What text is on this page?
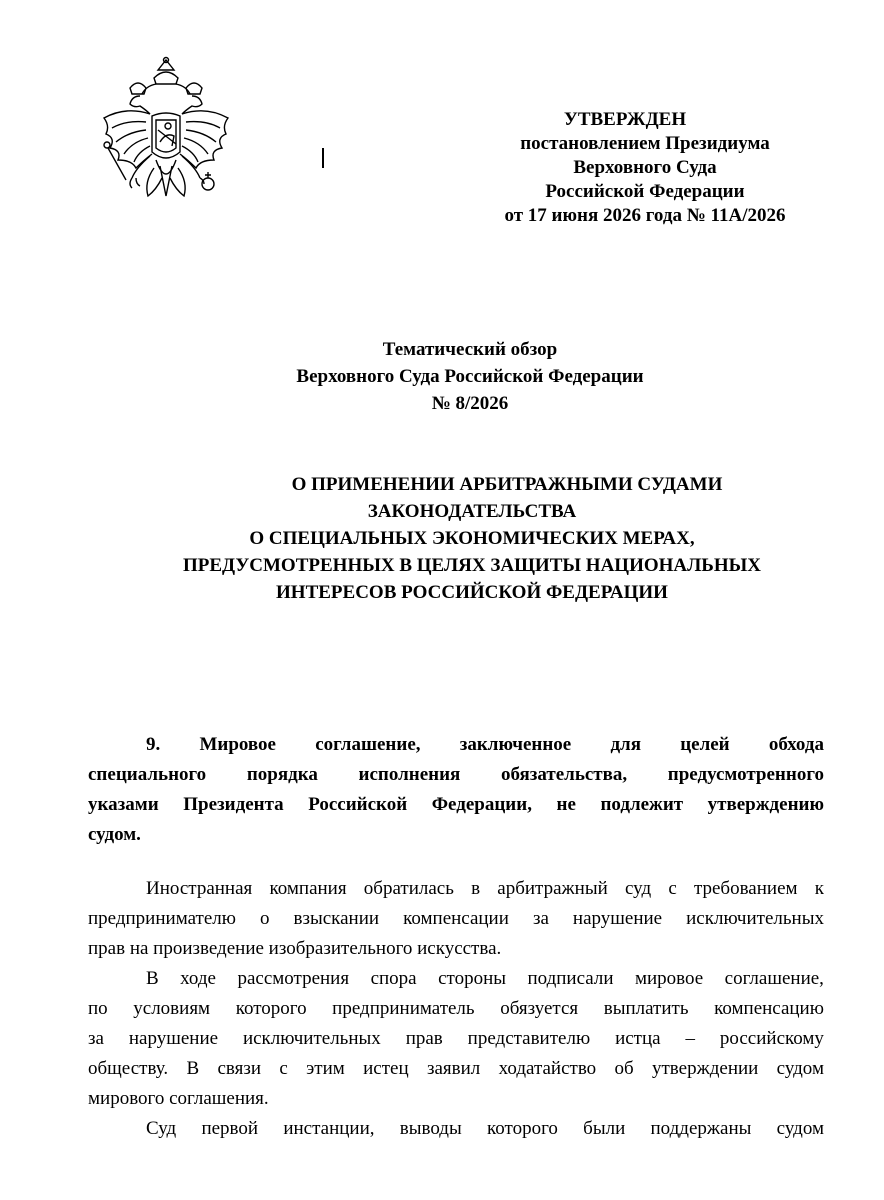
УТВЕРЖДЕН
постановлением Президиума
Верховного Суда
Российской Федерации
от 17 июня 2026 года № 11А/2026
Тематический обзор
Верховного Суда Российской Федерации
№ 8/2026
О ПРИМЕНЕНИИ АРБИТРАЖНЫМИ СУДАМИ
ЗАКОНОДАТЕЛЬСТВА
О СПЕЦИАЛЬНЫХ ЭКОНОМИЧЕСКИХ МЕРАХ,
ПРЕДУСМОТРЕННЫХ В ЦЕЛЯХ ЗАЩИТЫ НАЦИОНАЛЬНЫХ
ИНТЕРЕСОВ РОССИЙСКОЙ ФЕДЕРАЦИИ
9. Мировое соглашение, заключенное для целей обхода
специального порядка исполнения обязательства, предусмотренного
указами Президента Российской Федерации, не подлежит утверждению
судом.
Иностранная компания обратилась в арбитражный суд с требованием к
предпринимателю о взыскании компенсации за нарушение исключительных
прав на произведение изобразительного искусства.
В ходе рассмотрения спора стороны подписали мировое соглашение,
по условиям которого предприниматель обязуется выплатить компенсацию
за нарушение исключительных прав представителю истца – российскому
обществу. В связи с этим истец заявил ходатайство об утверждении судом
мирового соглашения.
Суд первой инстанции, выводы которого были поддержаны судом
